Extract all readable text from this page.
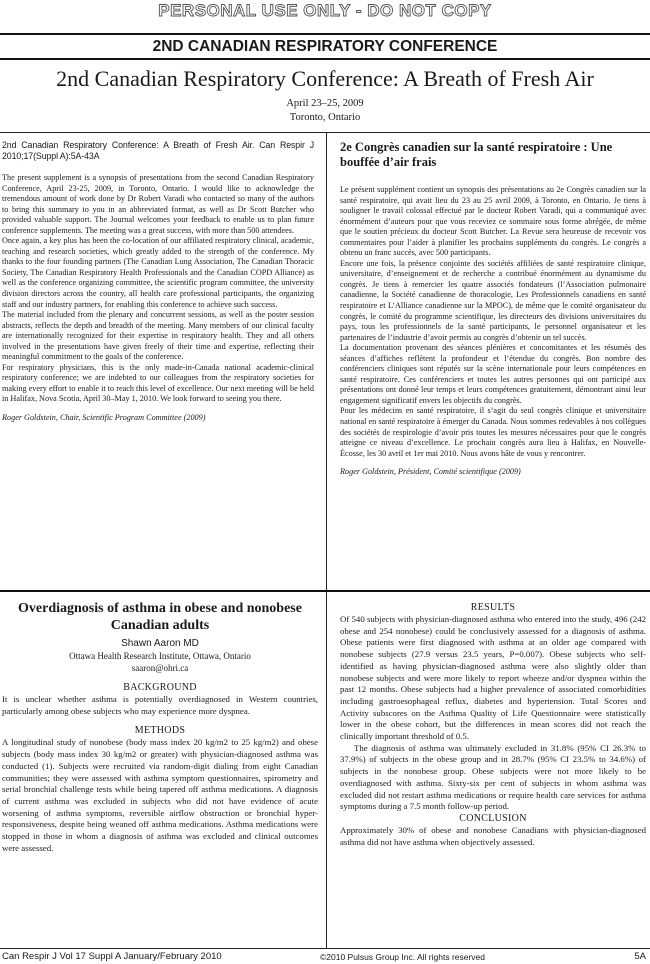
PERSONAL USE ONLY - DO NOT COPY
2ND CANADIAN RESPIRATORY CONFERENCE
2nd Canadian Respiratory Conference: A Breath of Fresh Air
April 23–25, 2009
Toronto, Ontario

2nd Canadian Respiratory Conference: A Breath of Fresh Air. Can Respir J 2010;17(Suppl A):5A-43A

The present supplement is a synopsis of presentations from the second Canadian Respiratory Conference, April 23-25, 2009, in Toronto, Ontario. I would like to acknowledge the tremendous amount of work done by Dr Robert Varadi who contacted so many of the authors to bring this summary to you in an abbreviated format, as well as Dr Scott Butcher who provided valuable support. The Journal welcomes your feedback to enable us to plan future conference supplements. The meeting was a great success, with more than 500 attendees.

Once again, a key plus has been the co-location of our affiliated respiratory clinical, academic, teaching and research societies, which greatly added to the strength of the conference. My thanks to the four founding partners (The Canadian Lung Association, The Canadian Thoracic Society, The Canadian Respiratory Health Professionals and the Canadian COPD Alliance) as well as the conference organizing committee, the scientific program committee, the university division directors across the country, all health care professional participants, the organizing staff and our industry partners, for enabling this conference to achieve such success.

The material included from the plenary and concurrent sessions, as well as the poster session abstracts, reflects the depth and breadth of the meeting. Many members of our clinical faculty are internationally recognized for their expertise in respiratory health. They and all others involved in the presentations have given freely of their time and expertise, reflecting their meaningful commitment to the goals of the conference.

For respiratory physicians, this is the only made-in-Canada national academic-clinical respiratory conference; we are indebted to our colleagues from the respiratory societies for making every effort to enable it to reach this level of excellence. Our next meeting will be held in Halifax, Nova Scotia, April 30–May 1, 2010. We look forward to seeing you there.

Roger Goldstein, Chair, Scientific Program Committee (2009)

2e Congrès canadien sur la santé respiratoire : Une bouffée d’air frais

Le présent supplément contient un synopsis des présentations au 2e Congrès canadien sur la santé respiratoire, qui avait lieu du 23 au 25 avril 2009, à Toronto, en Ontario. Je tiens à souligner le travail colossal effectué par le docteur Robert Varadi, qui a communiqué avec énormément d’auteurs pour que vous receviez ce sommaire sous forme abrégée, de même que le soutien précieux du docteur Scott Butcher. La Revue sera heureuse de recevoir vos commentaires pour l’aider à planifier les prochains suppléments du congrès. Le congrès a obtenu un franc succès, avec 500 participants.

Encore une fois, la présence conjointe des sociétés affiliées de santé respiratoire clinique, universitaire, d’enseignement et de recherche a contribué énormément au dynamisme du congrès. Je tiens à remercier les quatre associés fondateurs (l’Association pulmonaire canadienne, la Société canadienne de thoracologie, Les Professionnels canadiens en santé respiratoire et L’Alliance canadienne sur la MPOC), de même que le comité organisateur du congrès, le comité du programme scientifique, les directeurs des divisions universitaires du pays, tous les professionnels de la santé participants, le personnel organisateur et les partenaires de l’industrie d’avoir permis au congrès d’obtenir un tel succès.

La documentation provenant des séances plénières et concomitantes et les résumés des séances d’affiches reflètent la profondeur et l’étendue du congrès. Bon nombre des conférenciers cliniques sont réputés sur la scène internationale pour leurs compétences en santé respiratoire. Ces conférenciers et toutes les autres personnes qui ont participé aux présentations ont donné leur temps et leurs compétences gratuitement, démontrant ainsi leur engagement significatif envers les objectifs du congrès.

Pour les médecins en santé respiratoire, il s’agit du seul congrès clinique et universitaire national en santé respiratoire à émerger du Canada. Nous sommes redevables à nos collègues des sociétés de respirologie d’avoir pris toutes les mesures nécessaires pour que le congrès atteigne ce niveau d’excellence. Le prochain congrès aura lieu à Halifax, en Nouvelle-Écosse, les 30 avril et 1er mai 2010. Nous avons hâte de vous y rencontrer.

Roger Goldstein, Président, Comité scientifique (2009)

Overdiagnosis of asthma in obese and nonobese Canadian adults
Shawn Aaron MD
Ottawa Health Research Institute, Ottawa, Ontario
saaron@ohri.ca
BACKGROUND
It is unclear whether asthma is potentially overdiagnosed in Western countries, particularly among obese subjects who may experience more dyspnea.
METHODS
A longitudinal study of nonobese (body mass index 20 kg/m2 to 25 kg/m2) and obese subjects (body mass index 30 kg/m2 or greater) with physician-diagnosed asthma was conducted (1). Subjects were recruited via random-digit dialing from eight Canadian communities; they were assessed with asthma symptom questionnaires, spirometry and serial bronchial challenge tests while being tapered off asthma medications. A diagnosis of current asthma was excluded in subjects who did not have evidence of acute worsening of asthma symptoms, reversible airflow obstruction or bronchial hyper-responsiveness, despite being weaned off asthma medications. Asthma medications were stopped in those in whom a diagnosis of asthma was excluded and clinical outcomes were assessed.
RESULTS
Of 540 subjects with physician-diagnosed asthma who entered into the study, 496 (242 obese and 254 nonobese) could be conclusively assessed for a diagnosis of asthma. Obese patients were first diagnosed with asthma at an older age compared with nonobese subjects (27.9 versus 23.5 years, P=0.007). Obese subjects who self-identified as having physician-diagnosed asthma were also slightly older than nonobese subjects and were more likely to report wheeze and/or dyspnea within the past 12 months. Obese subjects had a higher prevalence of associated comorbidities including gastroesophageal reflux, diabetes and hypertension. Total Scores and Activity subscores on the Asthma Quality of Life Questionnaire were statistically lower in the obese cohort, but the differences in mean scores did not reach the clinically important threshold of 0.5.
The diagnosis of asthma was ultimately excluded in 31.8% (95% CI 26.3% to 37.9%) of subjects in the obese group and in 28.7% (95% CI 23.5% to 34.6%) of subjects in the nonobese group. Obese subjects were not more likely to be overdiagnosed with asthma. Sixty-six per cent of subjects in whom asthma was excluded did not restart asthma medications or require health care services for asthma symptoms during a 7.5 month follow-up period.
CONCLUSION
Approximately 30% of obese and nonobese Canadians with physician-diagnosed asthma did not have asthma when objectively assessed.
Can Respir J Vol 17 Suppl A January/February 2010	©2010 Pulsus Group Inc. All rights reserved	5A
